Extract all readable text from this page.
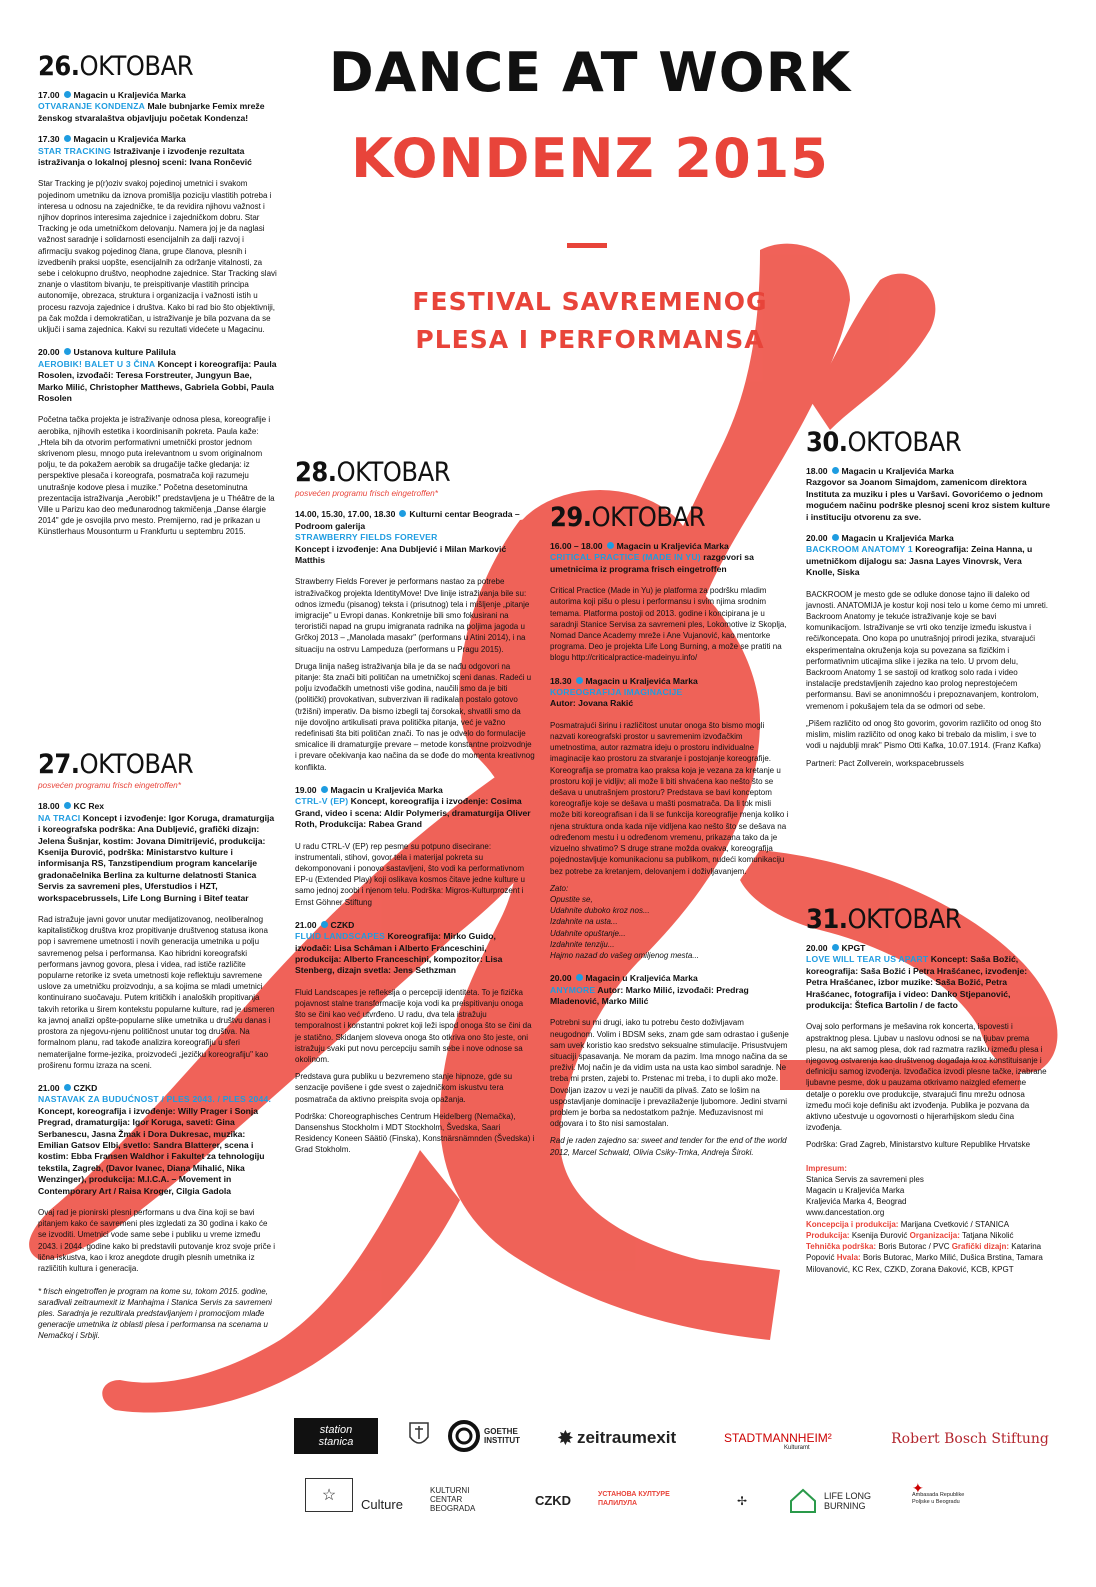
DANCE AT WORK
KONDENZ 2015
FESTIVAL SAVREMENOG
PLESA I PERFORMANSA
26.OKTOBAR
17.00 Magacin u Kraljevića Marka
OTVARANJE KONDENZA Male bubnjarke Femix mreže ženskog stvaralaštva objavljuju početak Kondenza!
17.30 Magacin u Kraljevića Marka
STAR TRACKING Istraživanje i izvođenje rezultata istraživanja o lokalnoj plesnoj sceni: Ivana Rončević
Star Tracking je p(r)oziv svakoj pojedinoj umetnici i svakom pojedinom umetniku da iznova promišlja poziciju vlastitih potreba i interesa u odnosu na zajedničke, te da revidira njihovu važnost i njihov doprinos interesima zajednice i zajedničkom dobru. Star Tracking je oda umetničkom delovanju. Namera joj je da naglasi važnost saradnje i solidarnosti esencijalnih za dalji razvoj i afirmaciju svakog pojedinog člana, grupe članova, plesnih i izvedbenih praksi uopšte, esencijalnih za održanje vitalnosti, za sebe i celokupno društvo, neophodne zajednice. Star Tracking slavi znanje o vlastitom bivanju, te preispitivanje vlastitih principa autonomije, obrezaca, struktura i organizacija i važnosti istih u procesu razvoja zajednice i društva. Kako bi rad bio što objektivniji, pa čak možda i demokratičan, u istraživanje je bila pozvana da se uključi i sama zajednica. Kakvi su rezultati videćete u Magacinu.
20.00 Ustanova kulture Palilula
AEROBIK! BALET U 3 ČINA Koncept i koreografija: Paula Rosolen, izvođači: Teresa Forstreuter, Jungyun Bae, Marko Milić, Christopher Matthews, Gabriela Gobbi, Paula Rosolen
Početna tačka projekta je istraživanje odnosa plesa, koreografije i aerobika, njihovih estetika i koordinisanih pokreta. Paula kaže: „Htela bih da otvorim performativni umetnički prostor jednom skrivenom plesu, mnogo puta irelevantnom u svom originalnom polju, te da pokažem aerobik sa drugačije tačke gledanja: iz perspektive plesača i koreografa, posmatrača koji razumeju unutrašnje kodove plesa i muzike." Početna desetominutna prezentacija istraživanja „Aerobik!" predstavljena je u Théâtre de la Ville u Parizu kao deo međunarodnog takmičenja „Danse élargie 2014" gde je osvojila prvo mesto. Premijerno, rad je prikazan u Künstlerhaus Mousonturm u Frankfurtu u septembru 2015.
27.OKTOBAR
posvećen programu frisch eingetroffen*
18.00 KC Rex
NA TRACI Koncept i izvođenje: Igor Koruga, dramaturgija i koreografska podrška: Ana Dubljević, grafički dizajn: Jelena Šušnjar, kostim: Jovana Dimitrijević, produkcija: Ksenija Đurović, podrška: Ministarstvo kulture i informisanja RS, Tanzstipendium program kancelarije gradonačelnika Berlina za kulturne delatnosti Stanica Servis za savremeni ples, Uferstudios i HZT, workspacebrussels, Life Long Burning i Bitef teatar
Rad istražuje javni govor unutar medijatizovanog, neoliberalnog kapitalističkog društva kroz propitivanje društvenog statusa ikona pop i savremene umetnosti i novih generacija umetnika u polju savremenog pelsa i performansa. Kao hibridni koreografski performans javnog govora, plesa i videa, rad ističe različite popularne retorike iz sveta umetnosti koje reflektuju savremene uslove za umetničku proizvodnju, a sa kojima se mladi umetnici kontinuirano suočavaju. Putem kritičkih i analoških propitivanja takvih retorika u širem kontekstu popularne kulture, rad je usmeren ka javnoj analizi opšte-popularne slike umetnika u društvu danas i prostora za njegovu-njenu političnost unutar tog društva. Na formalnom planu, rad takođe analizira koreografiju u sferi nematerijalne forme-jezika, proizvodeći „jezičku koreografiju" kao proširenu formu izraza na sceni.
21.00 CZKD
NASTAVAK ZA BUDUĆNOST / PLES 2043. / PLES 2044. Koncept, koreografija i izvođenje: Willy Prager i Sonja Pregrad, dramaturgija: Igor Koruga, saveti: Gina Serbanescu, Jasna Žmak i Dora Dukresac, muzika: Emilian Gatsov Elbi, svetlo: Sandra Blatterer, scena i kostim: Ebba Fransen Waldhor i Fakultet za tehnologiju tekstila, Zagreb, (Davor Ivanec, Diana Mihalić, Nika Wenzinger), produkcija: M.I.C.A. – Movement in Contemporary Art / Raisa Kroger, Cilgia Gadola
Ovaj rad je pionirski plesni performans u dva čina koji se bavi pitanjem kako će savremeni ples izgledati za 30 godina i kako će se izvoditi. Umetnici vode same sebe i publiku u vreme između 2043. i 2044. godine kako bi predstavili putovanje kroz svoje priče i lična iskustva, kao i kroz anegdote drugih plesnih umetnika iz različitih kultura i generacija.
* frisch eingetroffen je program na kome su, tokom 2015. godine, sarađivali zeitraumexit iz Manhajma i Stanica Servis za savremeni ples. Saradnja je rezultirala predstavljanjem i promocijom mlađe generacije umetnika iz oblasti plesa i performansa na scenama u Nemačkoj i Srbiji.
28.OKTOBAR
posvećen programu frisch eingetroffen*
14.00, 15.30, 17.00, 18.30 Kulturni centar Beograda – Podroom galerija
STRAWBERRY FIELDS FOREVER
Koncept i izvođenje: Ana Dubljević i Milan Marković Matthis

Strawberry Fields Forever je performans nastao za potrebe istraživačkog projekta IdentityMove! Dve linije istraživanja bile su: odnos između (pisanog) teksta i (prisutnog) tela i mišljenje „pitanje imigracije" u Evropi danas. Konkretnije bili smo fokusirani na terorističi napad na grupu imigranata radnika na poljima jagoda u Grčkoj 2013 – „Manolada masakr" (performans u Atini 2014), i na situaciju na ostrvu Lampeduza (performans u Pragu 2015).

Druga linija našeg istraživanja bila je da se nađu odgovori na pitanje: šta znači biti političan na umetničkoj sceni danas. Radeći u polju izvođačkih umetnosti više godina, naučili smo da je biti (politički) provokativan, subverzivan ili radikalan postalo gotovo (tržišni) imperativ. Da bismo izbegli taj čorsokak, shvatili smo da nije dovoljno artikulisati prava politička pitanja, već je važno redefinisati šta biti političan znači. To nas je odvelo do formulacije smicalice ili dramaturgije prevare – metode konstantne proizvodnje i prevare očekivanja kao načina da se dođe do momenta kreativnog konflikta.

19.00 Magacin u Kraljevića Marka
CTRL-V (EP) Koncept, koreografija i izvođenje: Cosima Grand, video i scena: Aldir Polymeris, dramaturgija Oliver Roth, Produkcija: Rabea Grand
U radu CTRL-V (EP) rep pesme su potpuno disecirane: instrumentali, stihovi, govor tela i materijal pokreta su dekomponovani i ponovo sastavljeni, što vodi ka performativnom EP-u (Extended Play) koji oslikava kosmos čitave jedne kulture u samo jednoj zoobi i njenom telu. Podrška: Migros-Kulturprozent i Ernst Göhner Stiftung
21.00 CZKD
FLUID LANDSCAPES Koreografija: Mirko Guido, izvođači: Lisa Schâman i Alberto Franceschini, produkcija: Alberto Franceschini, kompozitor: Lisa Stenberg, dizajn svetla: Jens Sethzman

Fluid Landscapes je refleksija o percepciji identiteta. To je fizička pojavnost stalne transformacije koja vodi ka preispitivanju onoga što se čini kao već utvrđeno. U radu, dva tela istražuju temporalnost i konstantni pokret koji leži ispod onoga što se čini da je statično. Skidanjem sloveva onoga što otkriva ono što jeste, oni istražuju svaki put novu percepciju samih sebe i nove odnose sa okolinom.

Predstava gura publiku u bezvremeno stanje hipnoze, gde su senzacije povišene i gde svest o zajedničkom iskustvu tera posmatrača da aktivno preispita svoja opažanja.

Podrška: Choreographisches Centrum Heidelberg (Nemačka), Dansenshus Stockholm i MDT Stockholm, Švedska, Saari Residency Koneen Säätiö (Finska), Konstnärsnämnden (Švedska) i Grad Stokholm.

29.OKTOBAR
16.00 – 18.00 Magacin u Kraljevića Marka
CRITICAL PRACTICE (MADE IN YU) razgovori sa umetnicima iz programa frisch eingetroffen
Critical Practice (Made in Yu) je platforma za podršku mladim autorima koji pišu o plesu i performansu i svim njima srodnim temama. Platforma postoji od 2013. godine i koncipirana je u saradnji Stanice Servisa za savremeni ples, Lokomotive iz Skoplja, Nomad Dance Academy mreže i Ane Vujanović, kao mentorke programa. Deo je projekta Life Long Burning, a može se pratiti na blogu http://criticalpractice-madeinyu.info/
18.30 Magacin u Kraljevića Marka
KOREOGRAFIJA IMAGINACIJE
Autor: Jovana Rakić

Posmatrajući širinu i različitost unutar onoga što bismo mogli nazvati koreografski prostor u savremenim izvođačkim umetnostima, autor razmatra ideju o prostoru individualne imaginacije kao prostoru za stvaranje i postojanje koreografije. Koreografija se promatra kao praksa koja je vezana za kretanje u prostoru koji je vidljiv; ali može li biti shvaćena kao nešto što se dešava u unutrašnjem prostoru? Predstava se bavi konceptom koreografije koje se dešava u mašti posmatrača. Da li tok misli može biti koreografisan i da li se funkcija koreografije menja koliko i njena struktura onda kada nije vidljena kao nešto što se dešava na određenom mestu i u određenom vremenu, prikazana tako da je vizuelno shvatimo? S druge strane možda ovakva, koreografija pojednostavljuje komunikacionu sa publikom, nudeći komunikaciju bez potrebe za kretanjem, delovanjem i doživljavanjem.

Zato:
Opustite se,
Udahnite duboko kroz nos...
Izdahnite na usta...
Udahnite opuštanje...
Izdahnite tenziju...
Hajmo nazad do vašeg omiljenog mesta...
20.00 Magacin u Kraljevića Marka
ANYMORE Autor: Marko Milić, izvođači: Predrag Mladenović, Marko Milić

Potrebni su mi drugi, iako tu potrebu često doživljavam neugodnom. Volim i BDSM seks, znam gde sam odrastao i gušenje sam uvek koristio kao sredstvo seksualne stimulacije. Prisustvujem situaciji spasavanja. Ne moram da pazim. Ima mnogo načina da se preživi. Moj način je da vidim usta na usta kao simbol saradnje. Ne treba mi prsten, zajebi to. Prstenac mi treba, i to dupli ako može. Dovoljan izazov u vezi je naučiti da plivaš. Zato se lošim na uspostavljanje dominacije i prevazilaženje ljubomore. Jedini stvarni problem je borba sa nedostatkom pažnje. Međuzavisnost mi odgovara i to što nisi samostalan.

Rad je raden zajedno sa: sweet and tender for the end of the world 2012, Marcel Schwald, Olivia Csiky-Trnka, Andreja Široki.

30.OKTOBAR
18.00 Magacin u Kraljevića Marka
Razgovor sa Joanom Simajdom, zamenicom direktora Instituta za muziku i ples u Varšavi. Govorićemo o jednom mogućem načinu podrške plesnoj sceni kroz sistem kulture i instituciju otvorenu za sve.
20.00 Magacin u Kraljevića Marka
BACKROOM ANATOMY 1 Koreografija: Zeina Hanna, u umetničkom dijalogu sa: Jasna Layes Vinovrsk, Vera Knolle, Siska

BACKROOM je mesto gde se odluke donose tajno ili daleko od javnosti. ANATOMIJA je kostur koji nosi telo u kome ćemo mi umreti. Backroom Anatomy je tekuće istraživanje koje se bavi komunikacijom. Istraživanje se vrti oko tenzije između iskustva i reči/koncepata. Ono kopa po unutrašnjoj prirodi jezika, stvarajući eksperimentalna okruženja koja su povezana sa fizičkim i performativnim uticajima slike i jezika na telo. U prvom delu, Backroom Anatomy 1 se sastoji od kratkog solo rada i video instalacije predstavljenih zajedno kao prolog neprestojećem performansu. Bavi se anonimnošću i prepoznavanjem, kontrolom, vremenom i pokušajem tela da se odmori od sebe.

„Pišem različito od onog što govorim, govorim različito od onog što mislim, mislim različito od onog kako bi trebalo da mislim, i sve to vodi u najdublji mrak" Pismo Otti Kafka, 10.07.1914. (Franz Kafka)

Partneri: Pact Zollverein, workspacebrussels

31.OKTOBAR
20.00 KPGT
LOVE WILL TEAR US APART Koncept: Saša Božić, koreografija: Saša Božić i Petra Hrašćanec, izvođenje: Petra Hrašćanec, izbor muzike: Saša Božić, Petra Hrašćanec, fotografija i video: Danko Stjepanović, produkcija: Štefica Bartolin / de facto

Ovaj solo performans je mešavina rok koncerta, ispovesti i apstraktnog plesa. Ljubav u naslovu odnosi se na ljubav prema plesu, na akt samog plesa, dok rad razmatra razliku između plesa i njegovog ostvarenja kao društvenog događaja kroz konstituisanje i definiciju samog izvođenja. Izvođačica izvodi plesne tačke, izabrane ljubavne pesme, dok u pauzama otkrivamo naizgled efemerne detalje o poreklu ove produkcije, stvarajući finu mrežu odnosa između moći koje definišu akt izvođenja. Publika je pozvana da aktivno učestvuje u ogovornosti o hijerarhijskom sledu čina izvođenja.

Podrška: Grad Zagreb, Ministarstvo kulture Republike Hrvatske

Impresum:
Stanica Servis za savremeni ples
Magacin u Kraljevića Marka
Kraljevića Marka 4, Beograd
www.dancestation.org
Koncepcija i produkcija: Marijana Cvetković / STANICA
Produkcija: Ksenija Đurović Organizacija: Tatjana Nikolić
Tehnička podrška: Boris Butorac / PVC Grafički dizajn: Katarina Popović Hvala: Boris Butorac, Marko Milić, Dušica Brstina, Tamara Milovanović, KC Rex, CZKD, Zorana Đaković, KCB, KPGT
station
stanica
GOETHE INSTITUT	✸ zeitraumexit	STADTMANNHEIM²
Kulturamt
Robert Bosch Stiftung
☆	Culture
KULTURNI CENTAR BEOGRADA
CZKD	УСТАНОВА КУЛТУРЕ ПАЛИЛУЛА	✢	LIFE LONG BURNING
✦
Ambasada Republike Poljske u Beogradu
